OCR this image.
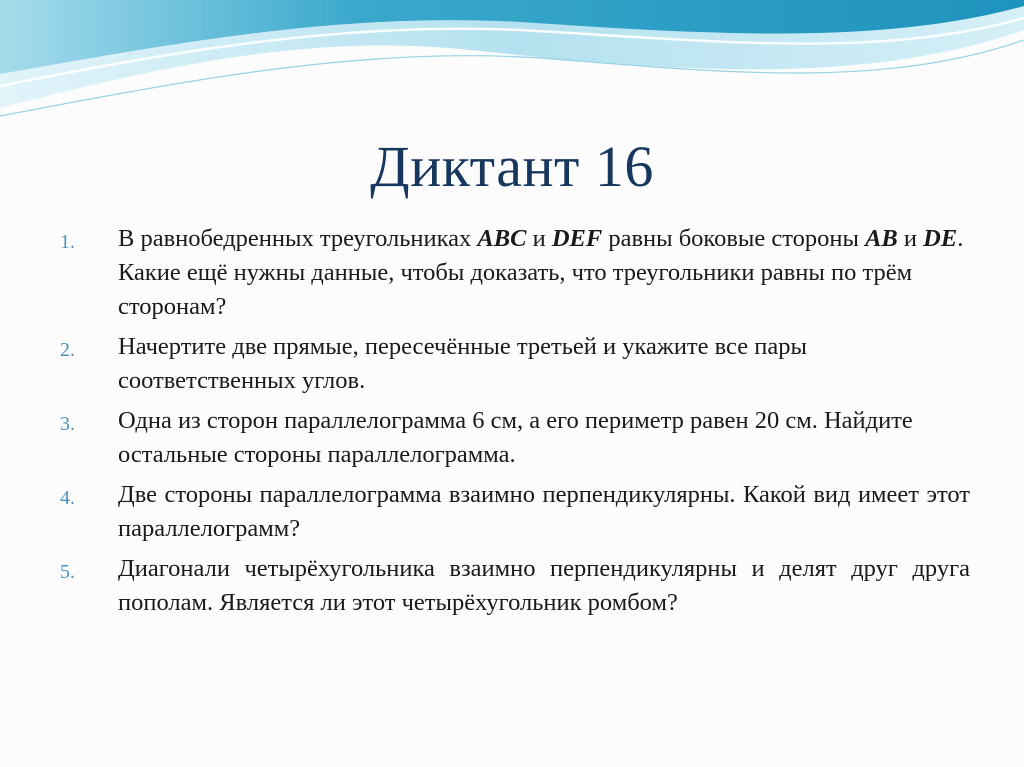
Диктант 16
1.	В равнобедренных треугольниках ABC и DEF равны боковые стороны AB и DE. Какие ещё нужны данные, чтобы доказать, что треугольники равны по трём сторонам?
2.	Начертите две прямые, пересечённые третьей и укажите все пары соответственных углов.
3.	Одна из сторон параллелограмма 6 см, а его периметр равен 20 см. Найдите остальные стороны параллелограмма.
4.	Две стороны параллелограмма взаимно перпендикулярны. Какой вид имеет этот параллелограмм?
5.	Диагонали четырёхугольника взаимно перпендикулярны и делят друг друга пополам. Является ли этот четырёхугольник ромбом?
